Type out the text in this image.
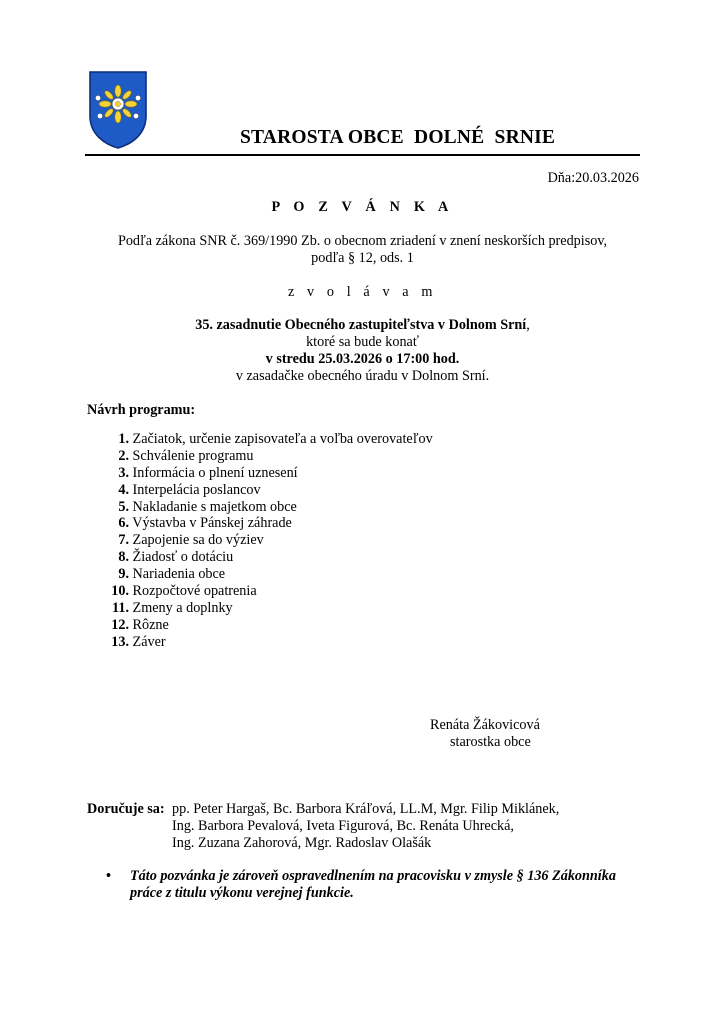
STAROSTA OBCE  DOLNÉ  SRNIE
Dňa:20.03.2026
P O Z V Á N K A
Podľa zákona SNR č. 369/1990 Zb. o obecnom zriadení v znení neskorších predpisov,
podľa § 12, ods. 1
z v o l á v a m
35. zasadnutie Obecného zastupiteľstva v Dolnom Srní,
ktoré sa bude konať
v stredu 25.03.2026 o 17:00 hod.
v zasadačke obecného úradu v Dolnom Srní.
Návrh programu:
1. Začiatok, určenie zapisovateľa a voľba overovateľov
2. Schválenie programu
3. Informácia o plnení uznesení
4. Interpelácia poslancov
5. Nakladanie s majetkom obce
6. Výstavba v Pánskej záhrade
7. Zapojenie sa do výziev
8. Žiadosť o dotáciu
9. Nariadenia obce
10. Rozpočtové opatrenia
11. Zmeny a doplnky
12. Rôzne
13. Záver
Renáta Žákovicová
starostka obce
Doručuje sa: pp. Peter Hargaš, Bc. Barbora Kráľová, LL.M, Mgr. Filip Miklánek,
Ing. Barbora Pevalová, Iveta Figurová, Bc. Renáta Uhrecká,
Ing. Zuzana Zahorová, Mgr. Radoslav Olašák
• Táto pozvánka je zároveň ospravedlnením na pracovisku v zmysle § 136 Zákonníka
práce z titulu výkonu verejnej funkcie.
